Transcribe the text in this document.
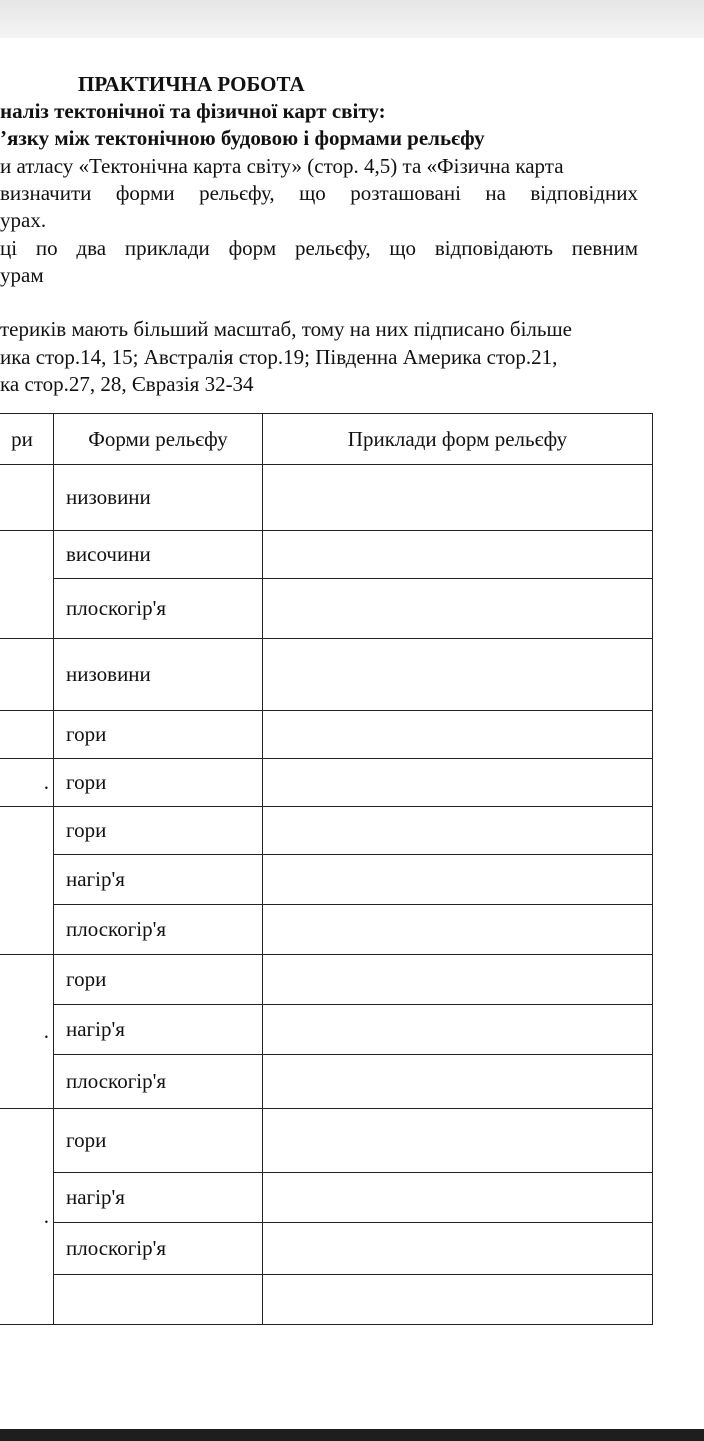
ПРАКТИЧНА РОБОТА
наліз тектонічної та фізичної карт світу:
’язку між тектонічною будовою і формами рельєфу
и атласу «Тектонічна карта світу» (стор. 4,5) та «Фізична карта
визначити форми рельєфу, що розташовані на відповідних
урах.
ці по два приклади форм рельєфу, що відповідають певним
урам
териків мають більший масштаб, тому на них підписано більше
ика стор.14, 15; Австралія стор.19; Південна Америка стор.21,
ка стор.27, 28, Євразія 32-34
ри	Форми рельєфу	Приклади форм рельєфу
	низовини	
	височини	
	плоскогір'я	
	низовини	
	гори	
.	гори	
	гори	
	нагір'я	
	плоскогір'я	
.	гори	
	нагір'я	
	плоскогір'я	
.	гори	
	нагір'я	
	плоскогір'я	
